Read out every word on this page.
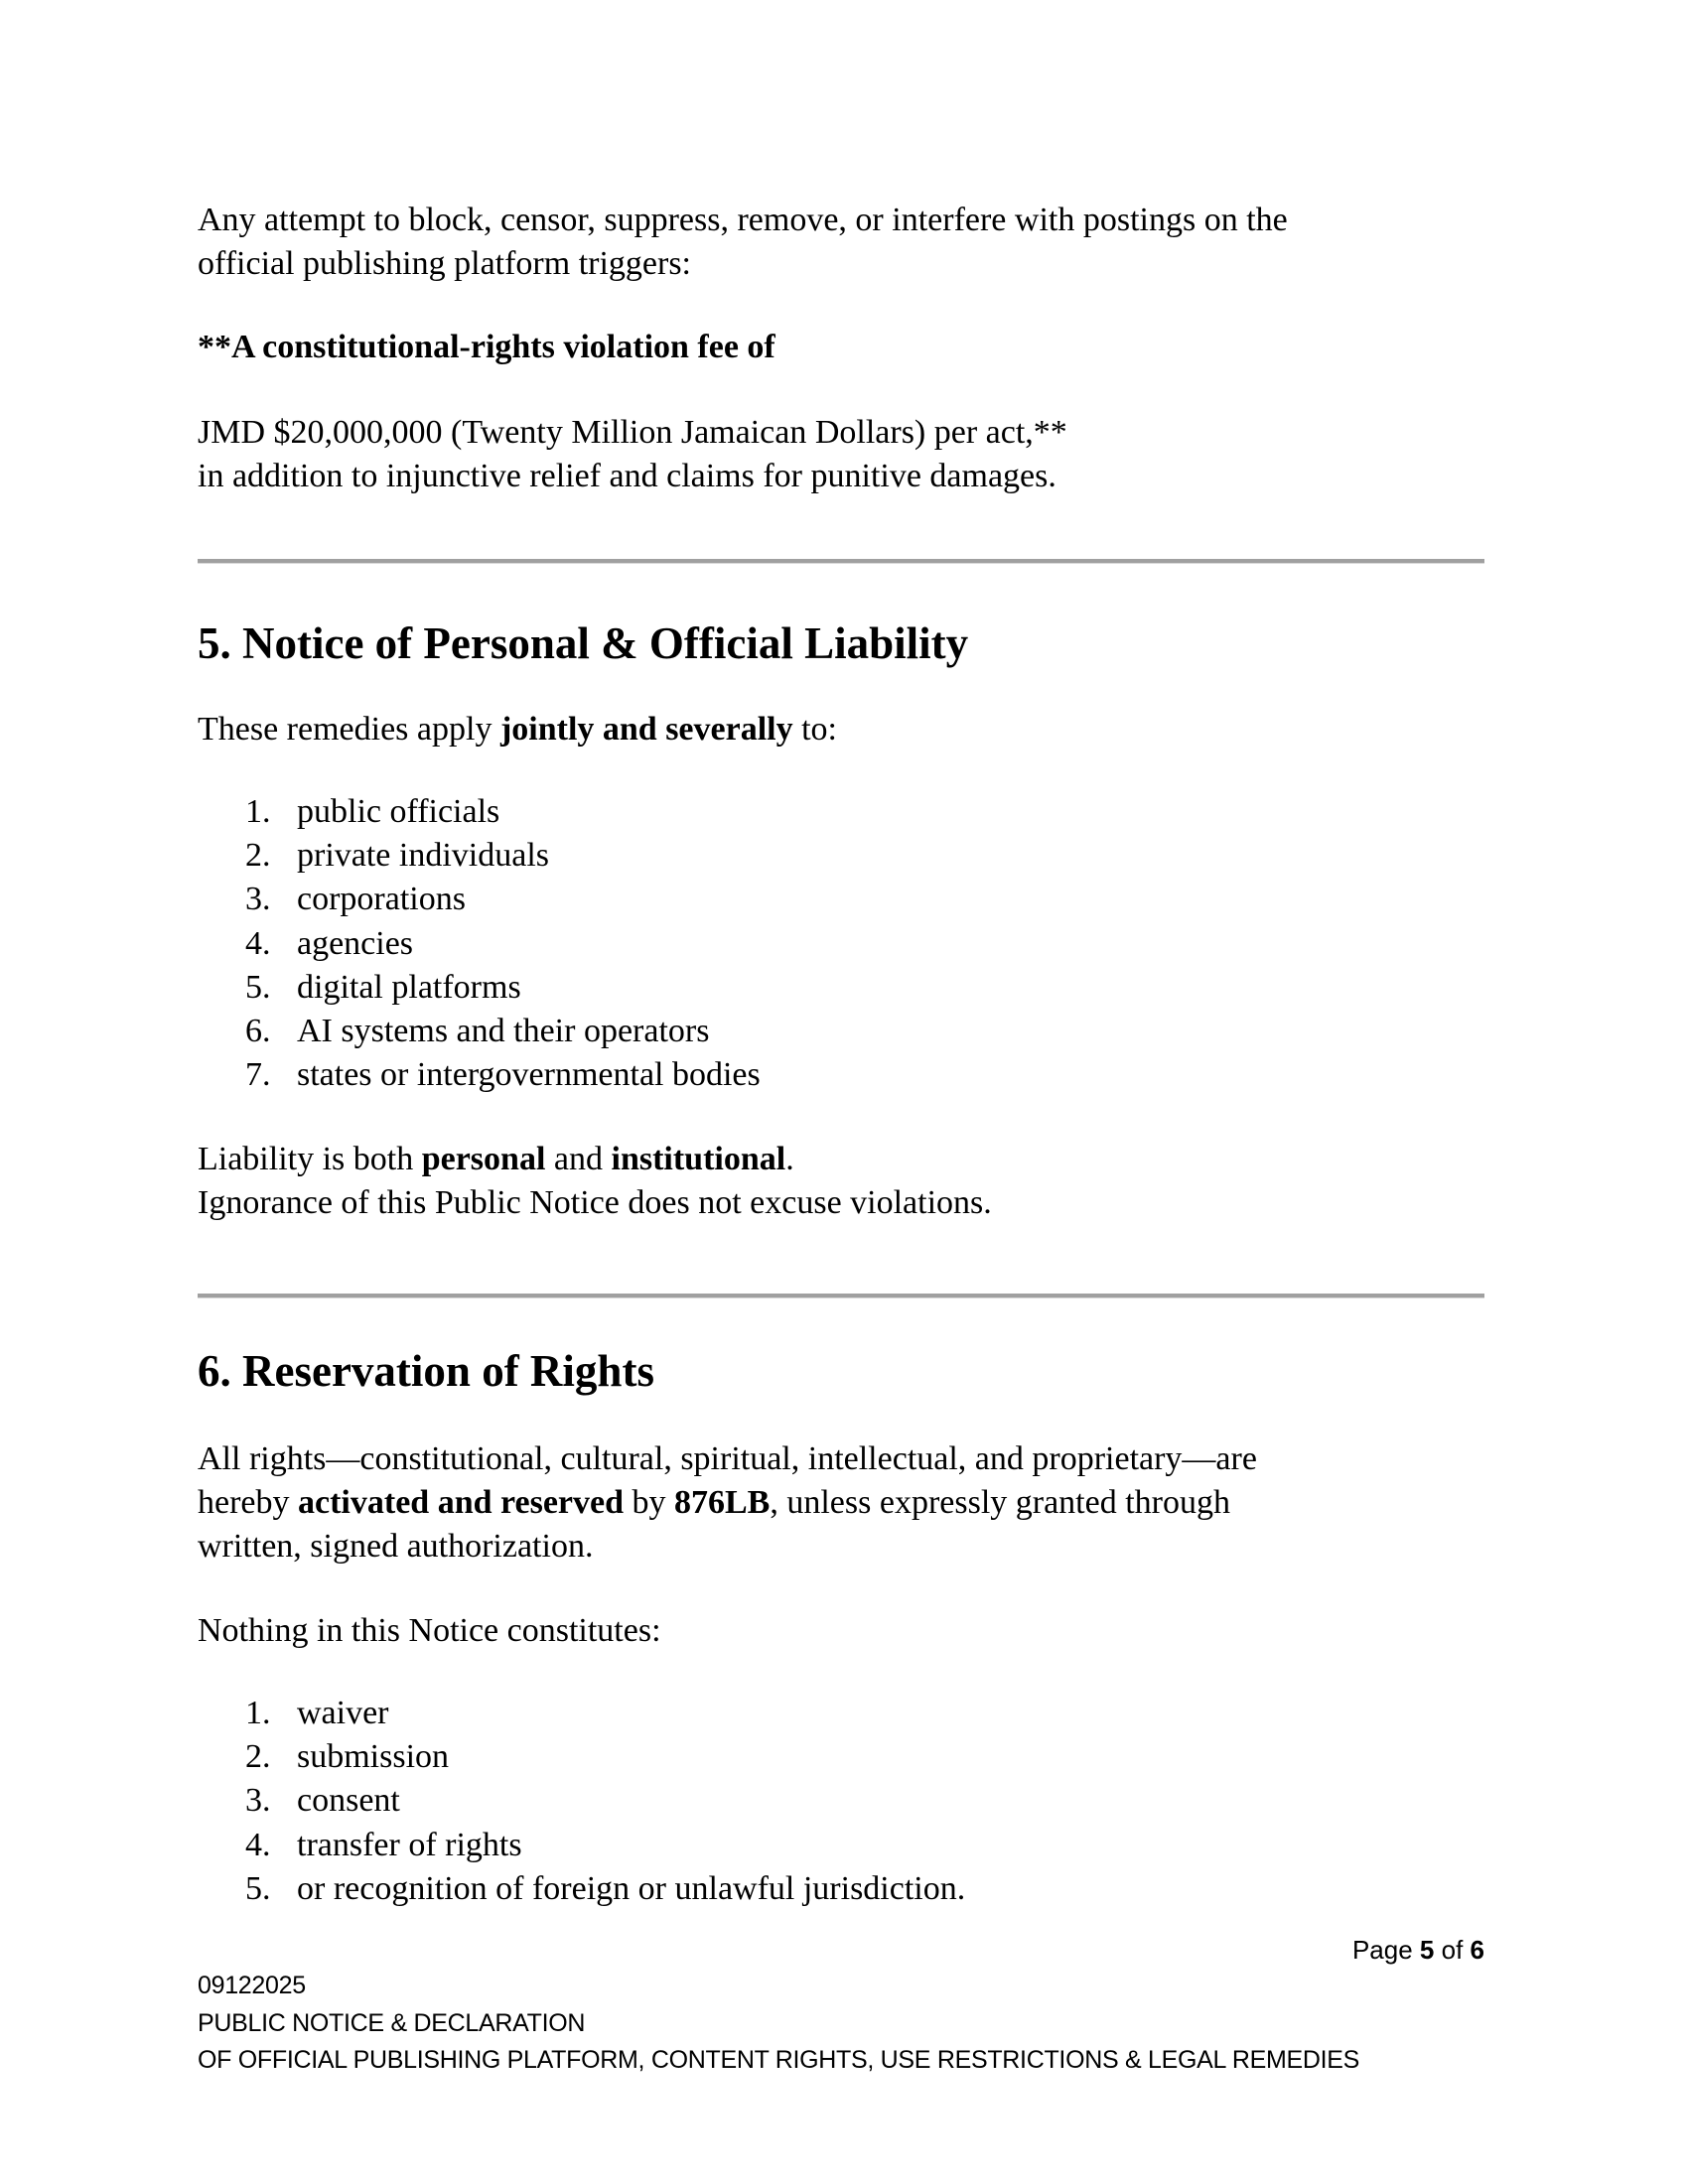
Any attempt to block, censor, suppress, remove, or interfere with postings on the
official publishing platform triggers:
**A constitutional-rights violation fee of
JMD $20,000,000 (Twenty Million Jamaican Dollars) per act,**
in addition to injunctive relief and claims for punitive damages.
5. Notice of Personal & Official Liability
These remedies apply jointly and severally to:
1. public officials
2. private individuals
3. corporations
4. agencies
5. digital platforms
6. AI systems and their operators
7. states or intergovernmental bodies
Liability is both personal and institutional.
Ignorance of this Public Notice does not excuse violations.
6. Reservation of Rights
All rights—constitutional, cultural, spiritual, intellectual, and proprietary—are
hereby activated and reserved by 876LB, unless expressly granted through
written, signed authorization.
Nothing in this Notice constitutes:
1. waiver
2. submission
3. consent
4. transfer of rights
5. or recognition of foreign or unlawful jurisdiction.
Page 5 of 6
09122025
PUBLIC NOTICE & DECLARATION
OF OFFICIAL PUBLISHING PLATFORM, CONTENT RIGHTS, USE RESTRICTIONS & LEGAL REMEDIES
